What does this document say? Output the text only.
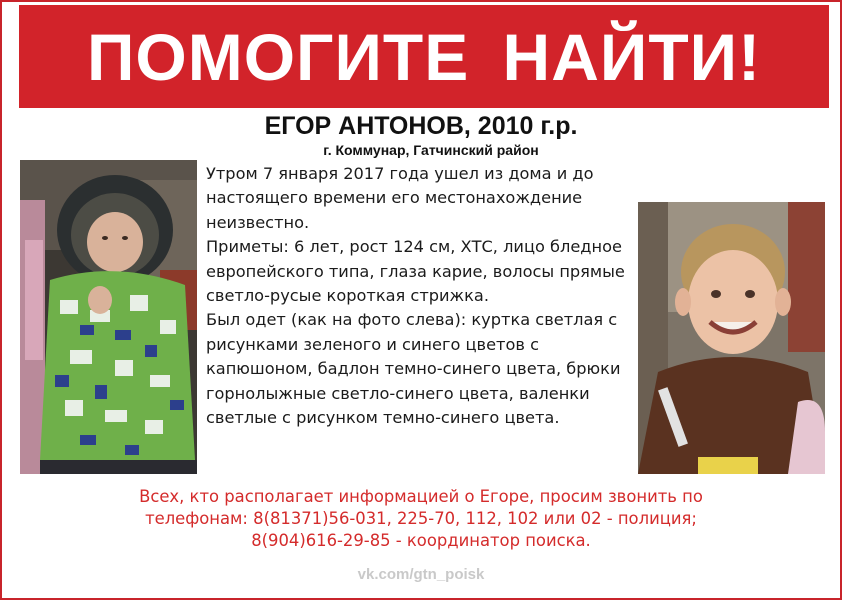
ПОМОГИТЕ НАЙТИ!
ЕГОР АНТОНОВ, 2010 г.р.
г. Коммунар, Гатчинский район

Утром 7 января 2017 года ушел из дома и до настоящего времени его местонахождение неизвестно.

Приметы: 6 лет, рост 124 см, ХТС, лицо бледное европейского типа, глаза карие, волосы прямые светло-русые короткая стрижка.

Был одет (как на фото слева): куртка светлая с рисунками зеленого и синего цветов с капюшоном, бадлон темно-синего цвета, брюки горнолыжные светло-синего цвета, валенки светлые с рисунком темно-синего цвета.

Всех, кто располагает информацией о Егоре, просим звонить по
телефонам: 8(81371)56-031, 225-70, 112, 102 или 02 - полиция;
8(904)616-29-85 - координатор поиска.
vk.com/gtn_poisk
